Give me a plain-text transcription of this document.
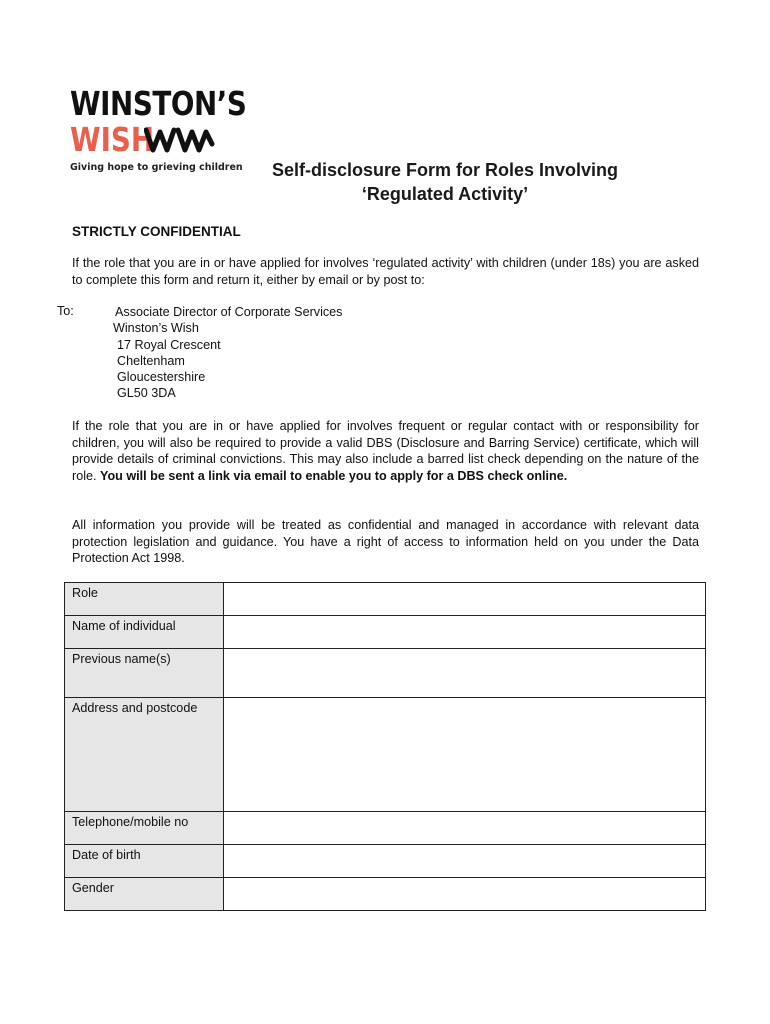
WINSTON’S
WISH
Giving hope to grieving children	Self-disclosure Form for Roles Involving
‘Regulated Activity’
STRICTLY CONFIDENTIAL
If the role that you are in or have applied for involves ‘regulated activity’ with children (under 18s) you are asked to complete this form and return it, either by email or by post to:
To:	Associate Director of Corporate Services
Winston’s Wish
17 Royal Crescent
Cheltenham
Gloucestershire
GL50 3DA
If the role that you are in or have applied for involves frequent or regular contact with or responsibility for children, you will also be required to provide a valid DBS (Disclosure and Barring Service) certificate, which will provide details of criminal convictions. This may also include a barred list check depending on the nature of the role. You will be sent a link via email to enable you to apply for a DBS check online.
All information you provide will be treated as confidential and managed in accordance with relevant data protection legislation and guidance. You have a right of access to information held on you under the Data Protection Act 1998.
Role	

Name of individual	

Previous name(s)	

Address and postcode	

Telephone/mobile no	

Date of birth	

Gender	
